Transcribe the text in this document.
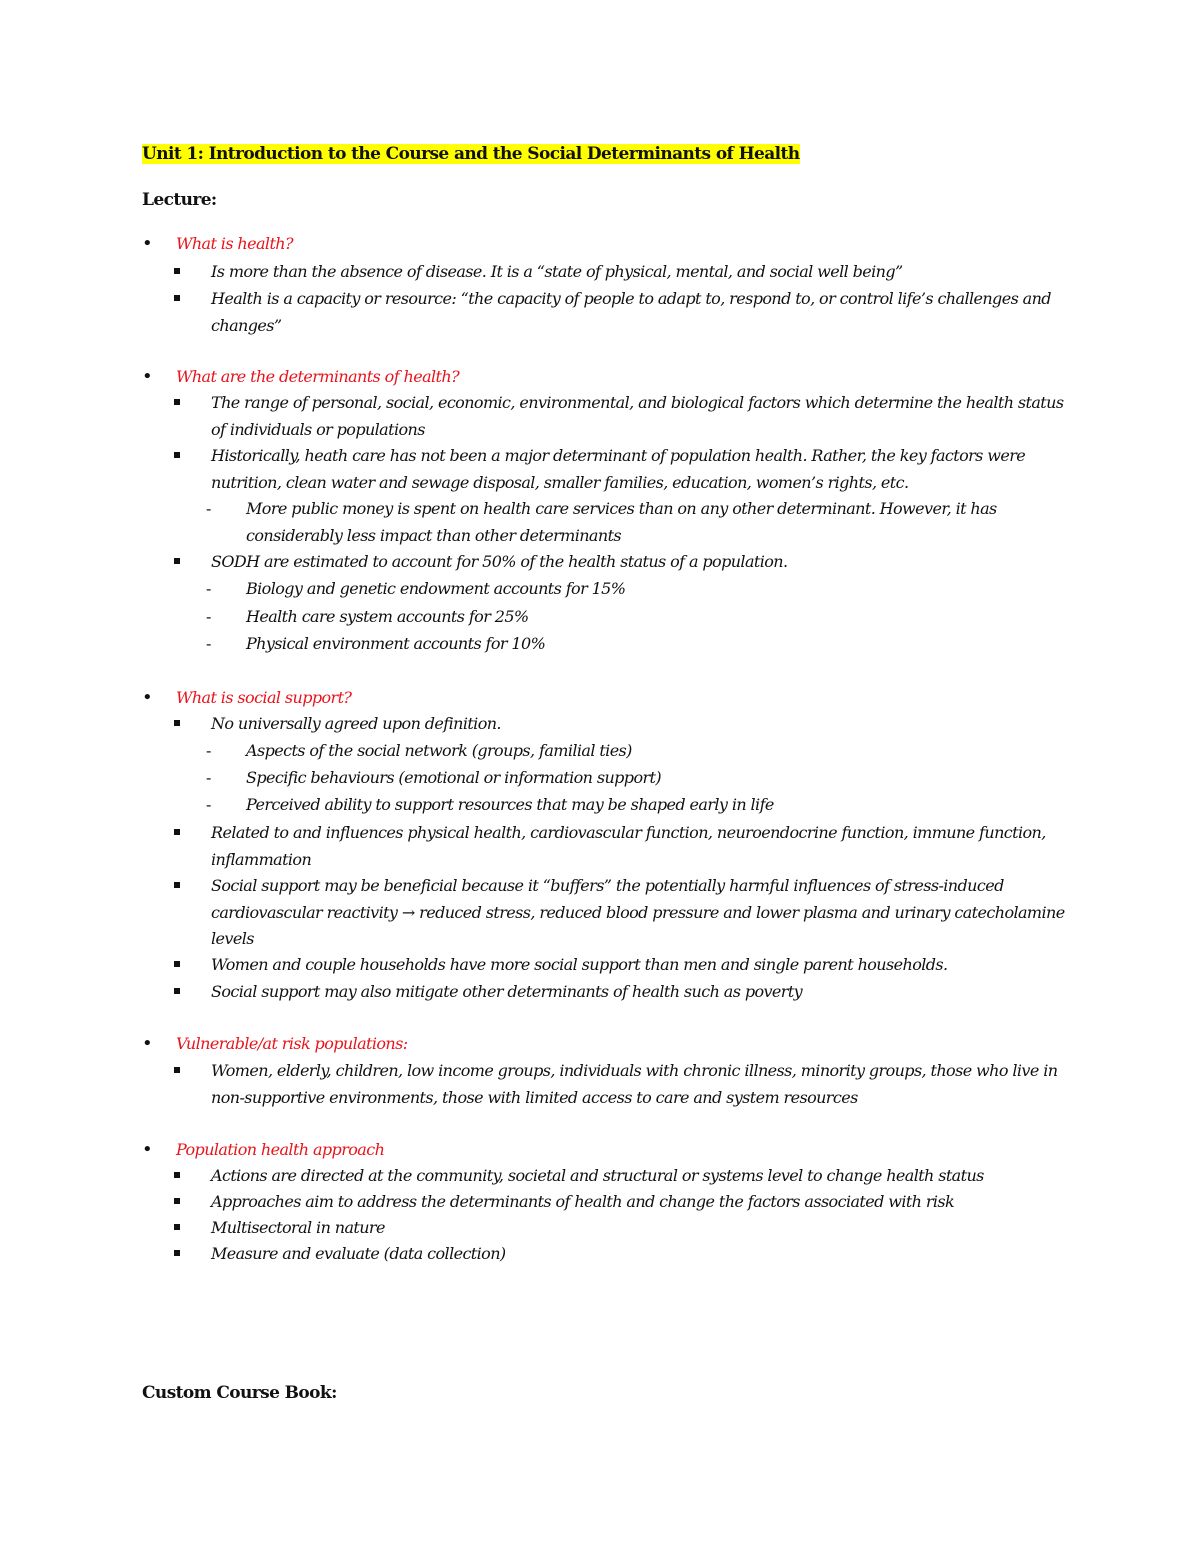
Unit 1: Introduction to the Course and the Social Determinants of Health
Lecture:
• What is health?
Is more than the absence of disease. It is a “state of physical, mental, and social well being”
Health is a capacity or resource: “the capacity of people to adapt to, respond to, or control life’s challenges and changes”
• What are the determinants of health?
The range of personal, social, economic, environmental, and biological factors which determine the health status of individuals or populations
Historically, heath care has not been a major determinant of population health. Rather, the key factors were nutrition, clean water and sewage disposal, smaller families, education, women’s rights, etc.
- More public money is spent on health care services than on any other determinant. However, it has considerably less impact than other determinants
SODH are estimated to account for 50% of the health status of a population.
- Biology and genetic endowment accounts for 15%
- Health care system accounts for 25%
- Physical environment accounts for 10%
• What is social support?
No universally agreed upon definition.
- Aspects of the social network (groups, familial ties)
- Specific behaviours (emotional or information support)
- Perceived ability to support resources that may be shaped early in life
Related to and influences physical health, cardiovascular function, neuroendocrine function, immune function, inflammation
Social support may be beneficial because it “buffers” the potentially harmful influences of stress-induced cardiovascular reactivity → reduced stress, reduced blood pressure and lower plasma and urinary catecholamine levels
Women and couple households have more social support than men and single parent households.
Social support may also mitigate other determinants of health such as poverty
• Vulnerable/at risk populations:
Women, elderly, children, low income groups, individuals with chronic illness, minority groups, those who live in non-supportive environments, those with limited access to care and system resources
• Population health approach
Actions are directed at the community, societal and structural or systems level to change health status
Approaches aim to address the determinants of health and change the factors associated with risk
Multisectoral in nature
Measure and evaluate (data collection)
Custom Course Book:
